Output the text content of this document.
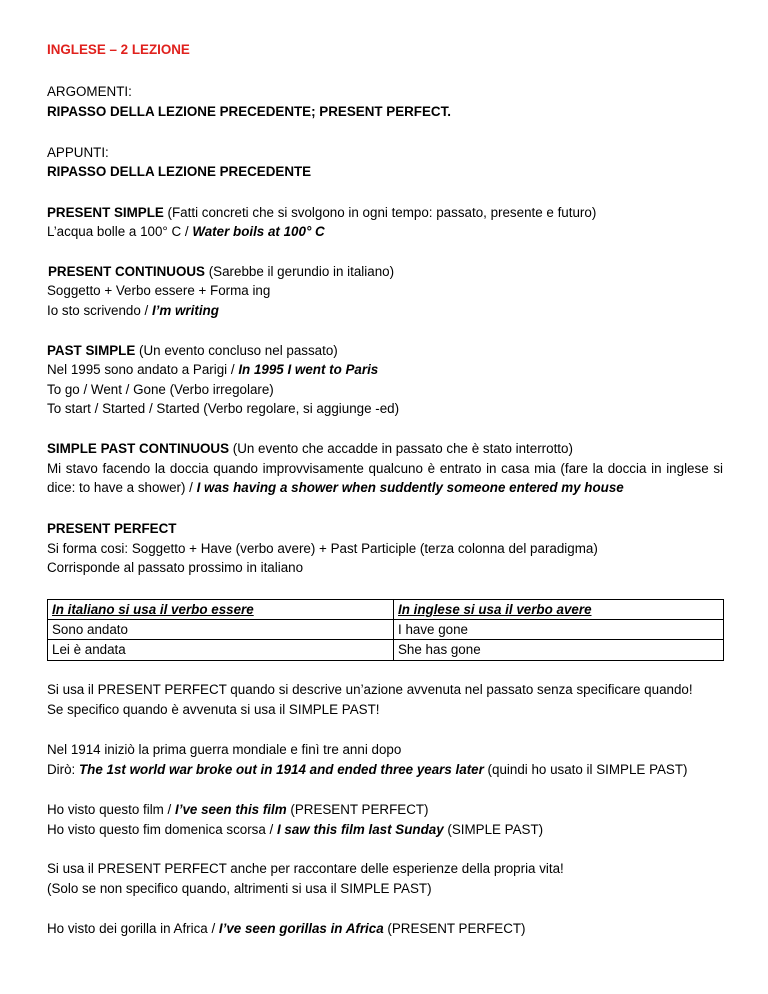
INGLESE – 2 LEZIONE
ARGOMENTI:
RIPASSO DELLA LEZIONE PRECEDENTE; PRESENT PERFECT.
APPUNTI:
RIPASSO DELLA LEZIONE PRECEDENTE
PRESENT SIMPLE (Fatti concreti che si svolgono in ogni tempo: passato, presente e futuro)
L’acqua bolle a 100° C / Water boils at 100° C
PRESENT CONTINUOUS (Sarebbe il gerundio in italiano)
Soggetto + Verbo essere + Forma ing
Io sto scrivendo / I’m writing
PAST SIMPLE (Un evento concluso nel passato)
Nel 1995 sono andato a Parigi / In 1995 I went to Paris
To go / Went / Gone (Verbo irregolare)
To start / Started / Started (Verbo regolare, si aggiunge -ed)
SIMPLE PAST CONTINUOUS (Un evento che accadde in passato che è stato interrotto)
Mi stavo facendo la doccia quando improvvisamente qualcuno è entrato in casa mia (fare la doccia in inglese si dice: to have a shower) / I was having a shower when suddently someone entered my house
PRESENT PERFECT
Si forma cosi: Soggetto + Have (verbo avere) + Past Participle (terza colonna del paradigma)
Corrisponde al passato prossimo in italiano
In italiano si usa il verbo essere	In inglese si usa il verbo avere
Sono andato	I have gone
Lei è andata	She has gone
Si usa il PRESENT PERFECT quando si descrive un’azione avvenuta nel passato senza specificare quando!
Se specifico quando è avvenuta si usa il SIMPLE PAST!
Nel 1914 iniziò la prima guerra mondiale e finì tre anni dopo
Dirò: The 1st world war broke out in 1914 and ended three years later (quindi ho usato il SIMPLE PAST)
Ho visto questo film / I’ve seen this film (PRESENT PERFECT)
Ho visto questo fim domenica scorsa / I saw this film last Sunday (SIMPLE PAST)
Si usa il PRESENT PERFECT anche per raccontare delle esperienze della propria vita!
(Solo se non specifico quando, altrimenti si usa il SIMPLE PAST)
Ho visto dei gorilla in Africa / I’ve seen gorillas in Africa (PRESENT PERFECT)
